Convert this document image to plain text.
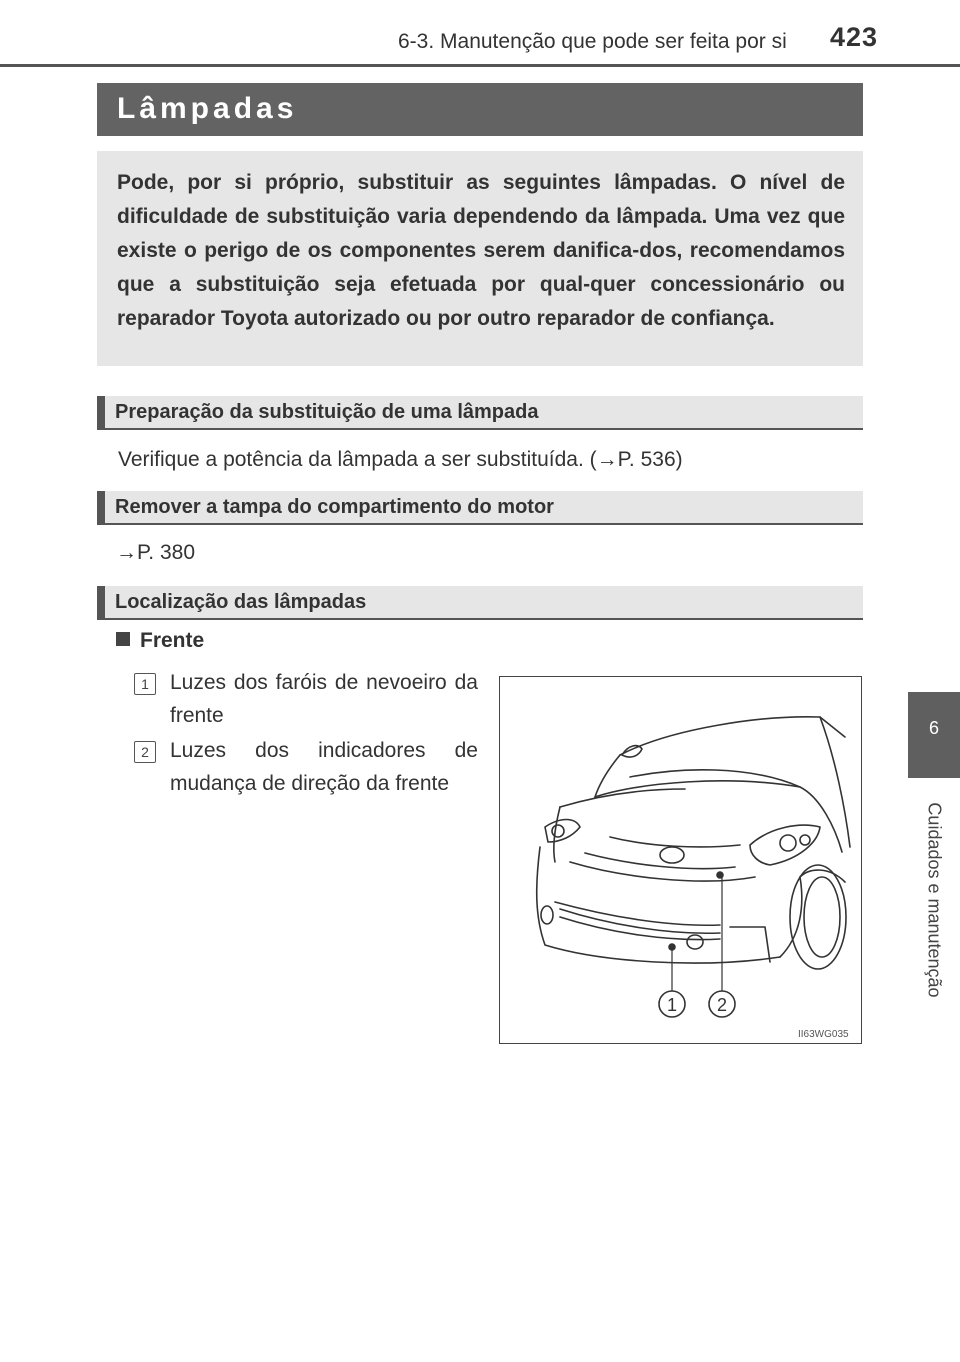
6-3. Manutenção que pode ser feita por si	423
6
Cuidados e manutenção
Lâmpadas

Pode, por si próprio, substituir as seguintes lâmpadas. O nível de dificuldade de substituição varia dependendo da lâmpada. Uma vez que existe o perigo de os componentes serem danifica-dos, recomendamos que a substituição seja efetuada por qual-quer concessionário ou reparador Toyota autorizado ou por outro reparador de confiança.

Preparação da substituição de uma lâmpada
Verifique a potência da lâmpada a ser substituída. (→P. 536)
Remover a tampa do compartimento do motor
→P. 380
Localização das lâmpadas
Frente
1	Luzes dos faróis de nevoeiro da frente
2	Luzes dos indicadores de mudança de direção da frente
1 2
II63WG035
